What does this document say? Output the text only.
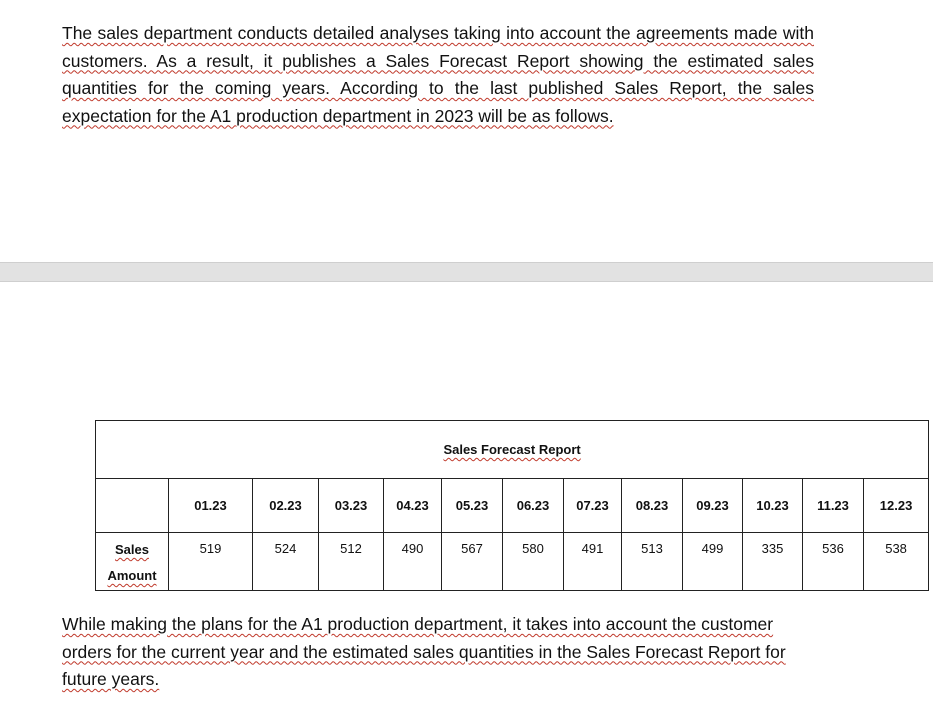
The sales department conducts detailed analyses taking into account the agreements made with customers. As a result, it publishes a Sales Forecast Report showing the estimated sales quantities for the coming years. According to the last published Sales Report, the sales expectation for the A1 production department in 2023 will be as follows.

Sales Forecast Report												
	01.23	02.23	03.23	04.23	05.23	06.23	07.23	08.23	09.23	10.23	11.23	12.23
Sales
Amount	519	524	512	490	567	580	491	513	499	335	536	538

While making the plans for the A1 production department, it takes into account the customer orders for the current year and the estimated sales quantities in the Sales Forecast Report for future years.
